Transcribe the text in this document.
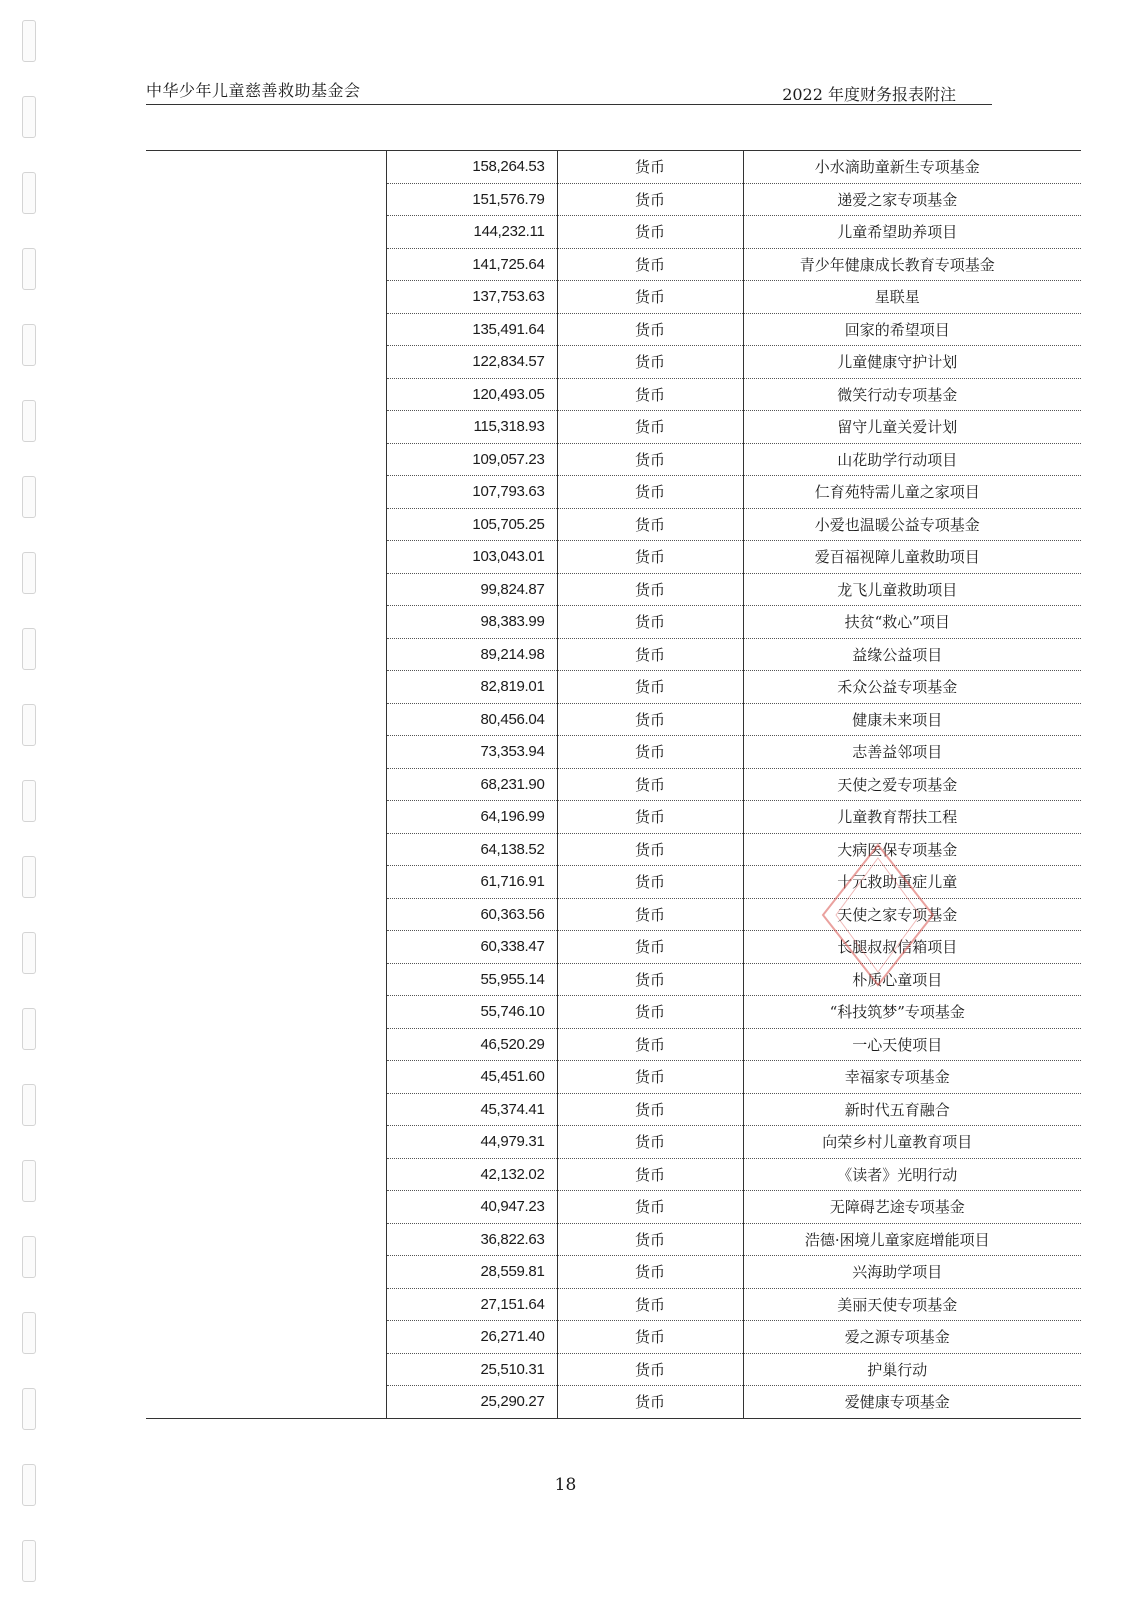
中华少年儿童慈善救助基金会	2022 年度财务报表附注
	158,264.53	货币	小水滴助童新生专项基金
	151,576.79	货币	递爱之家专项基金
	144,232.11	货币	儿童希望助养项目
	141,725.64	货币	青少年健康成长教育专项基金
	137,753.63	货币	星联星
	135,491.64	货币	回家的希望项目
	122,834.57	货币	儿童健康守护计划
	120,493.05	货币	微笑行动专项基金
	115,318.93	货币	留守儿童关爱计划
	109,057.23	货币	山花助学行动项目
	107,793.63	货币	仁育苑特需儿童之家项目
	105,705.25	货币	小爱也温暖公益专项基金
	103,043.01	货币	爱百福视障儿童救助项目
	99,824.87	货币	龙飞儿童救助项目
	98,383.99	货币	扶贫“救心”项目
	89,214.98	货币	益缘公益项目
	82,819.01	货币	禾众公益专项基金
	80,456.04	货币	健康未来项目
	73,353.94	货币	志善益邻项目
	68,231.90	货币	天使之爱专项基金
	64,196.99	货币	儿童教育帮扶工程
	64,138.52	货币	大病医保专项基金
	61,716.91	货币	十元救助重症儿童
	60,363.56	货币	天使之家专项基金
	60,338.47	货币	长腿叔叔信箱项目
	55,955.14	货币	朴质心童项目
	55,746.10	货币	“科技筑梦”专项基金
	46,520.29	货币	一心天使项目
	45,451.60	货币	幸福家专项基金
	45,374.41	货币	新时代五育融合
	44,979.31	货币	向荣乡村儿童教育项目
	42,132.02	货币	《读者》光明行动
	40,947.23	货币	无障碍艺途专项基金
	36,822.63	货币	浩德·困境儿童家庭增能项目
	28,559.81	货币	兴海助学项目
	27,151.64	货币	美丽天使专项基金
	26,271.40	货币	爱之源专项基金
	25,510.31	货币	护巢行动
	25,290.27	货币	爱健康专项基金
18
